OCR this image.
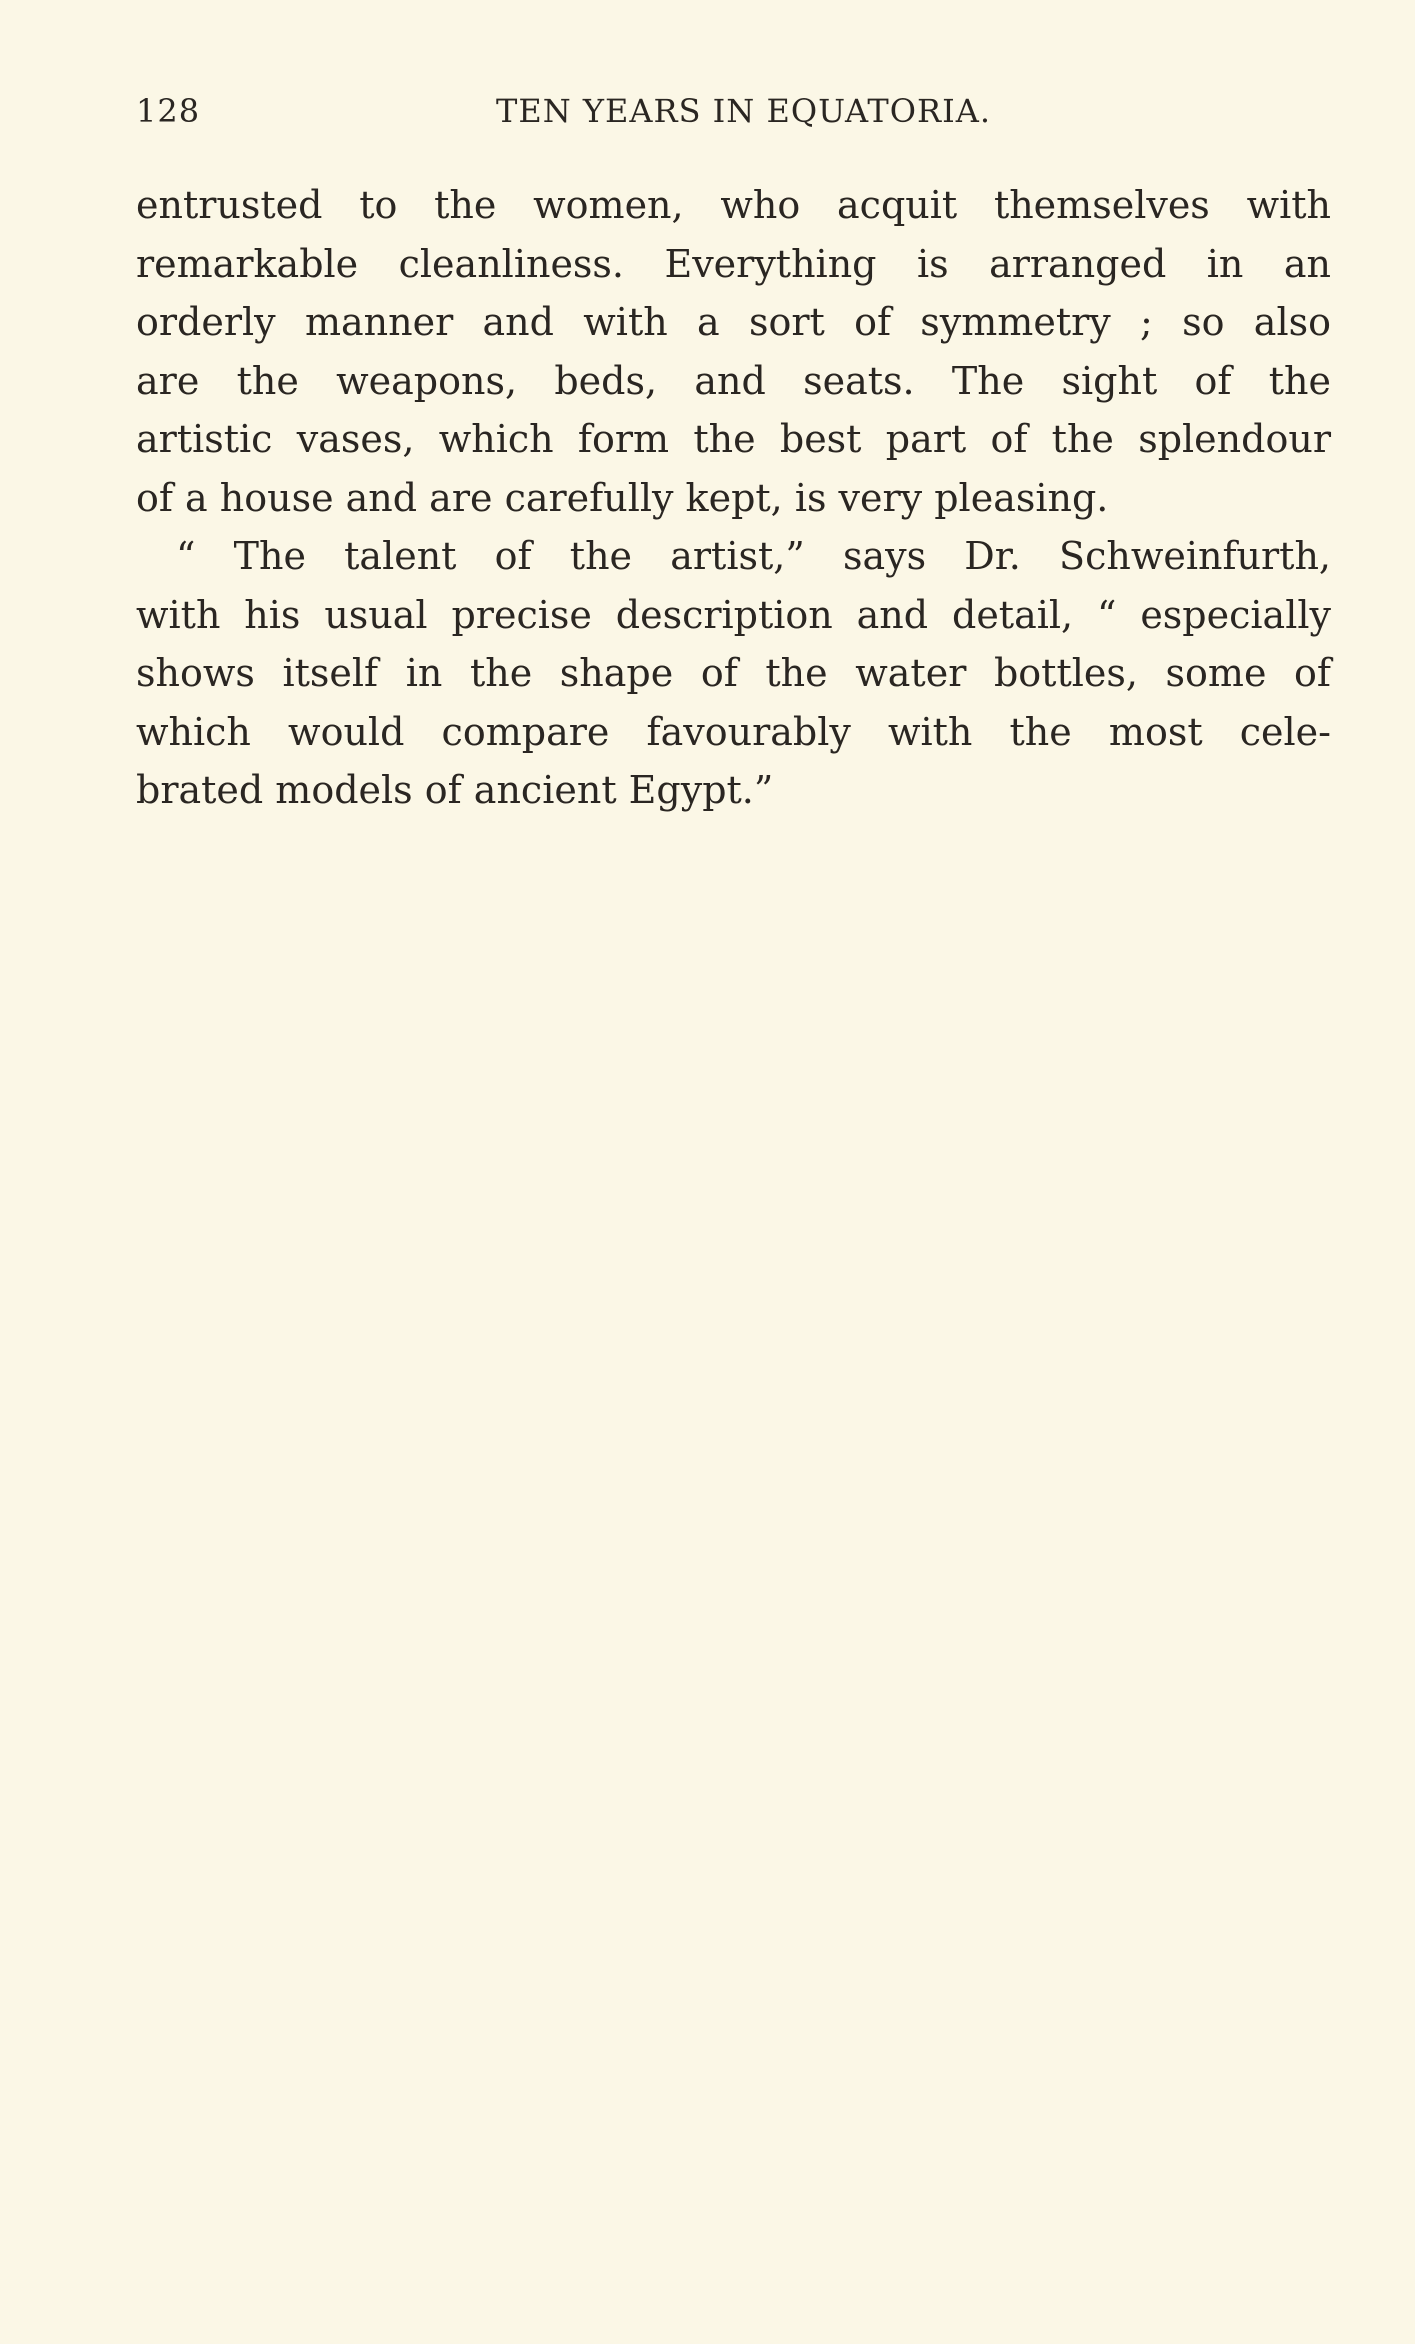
128	TEN YEARS IN EQUATORIA.
entrusted to the women, who acquit themselves with
remarkable cleanliness. Everything is arranged in an
orderly manner and with a sort of symmetry ; so also
are the weapons, beds, and seats. The sight of the
artistic vases, which form the best part of the splendour
of a house and are carefully kept, is very pleasing.
“ The talent of the artist,” says Dr. Schweinfurth,
with his usual precise description and detail, “ especially
shows itself in the shape of the water bottles, some of
which would compare favourably with the most cele-
brated models of ancient Egypt.”
